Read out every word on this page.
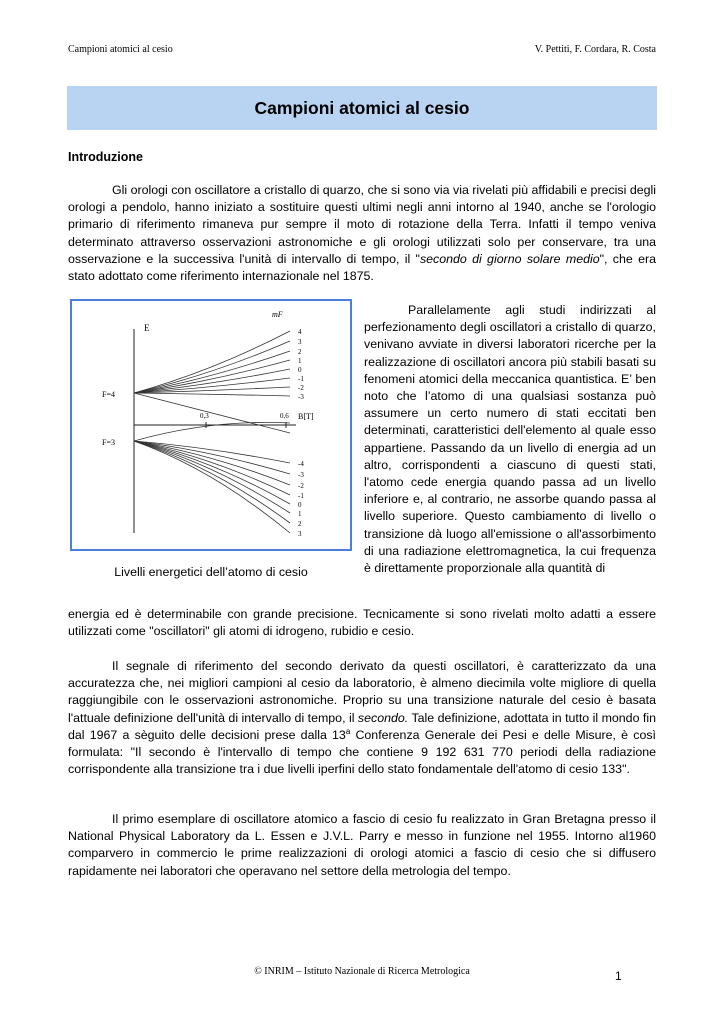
Campioni atomici al cesio	V. Pettiti, F. Cordara, R. Costa
Campioni atomici al cesio
Introduzione
Gli orologi con oscillatore a cristallo di quarzo, che si sono via via rivelati più affidabili e precisi degli orologi a pendolo, hanno iniziato a sostituire questi ultimi negli anni intorno al 1940, anche se l'orologio primario di riferimento rimaneva pur sempre il moto di rotazione della Terra. Infatti il tempo veniva determinato attraverso osservazioni astronomiche e gli orologi utilizzati solo per conservare, tra una osservazione e la successiva l'unità di intervallo di tempo, il "secondo di giorno solare medio", che era stato adottato come riferimento internazionale nel 1875.
E
B[T]
0,3	0,6
mF
F=4
F=3
4
3
2
1
0
-1
-2
-3
-4
-3
-2
-1
0
1
2
3
Livelli energetici dell’atomo di cesio
Parallelamente agli studi indirizzati al perfezionamento degli oscillatori a cristallo di quarzo, venivano avviate in diversi laboratori ricerche per la realizzazione di oscillatori ancora più stabili basati su fenomeni atomici della meccanica quantistica. E’ ben noto che l’atomo di una qualsiasi sostanza può assumere un certo numero di stati eccitati ben determinati, caratteristici dell'elemento al quale esso appartiene. Passando da un livello di energia ad un altro, corrispondenti a ciascuno di questi stati, l'atomo cede energia quando passa ad un livello inferiore e, al contrario, ne assorbe quando passa al livello superiore. Questo cambiamento di livello o transizione dà luogo all'emissione o all'assorbimento di una radiazione elettromagnetica, la cui frequenza è direttamente proporzionale alla quantità di
energia ed è determinabile con grande precisione. Tecnicamente si sono rivelati molto adatti a essere utilizzati come "oscillatori" gli atomi di idrogeno, rubidio e cesio.
Il segnale di riferimento del secondo derivato da questi oscillatori, è caratterizzato da una accuratezza che, nei migliori campioni al cesio da laboratorio, è almeno diecimila volte migliore di quella raggiungibile con le osservazioni astronomiche. Proprio su una transizione naturale del cesio è basata l'attuale definizione dell'unità di intervallo di tempo, il secondo. Tale definizione, adottata in tutto il mondo fin dal 1967 a sèguito delle decisioni prese dalla 13$^a$ Conferenza Generale dei Pesi e delle Misure, è così formulata: "Il secondo è l'intervallo di tempo che contiene 9 192 631 770 periodi della radiazione corrispondente alla transizione tra i due livelli iperfini dello stato fondamentale dell'atomo di cesio 133".
Il primo esemplare di oscillatore atomico a fascio di cesio fu realizzato in Gran Bretagna presso il National Physical Laboratory da L. Essen e J.V.L. Parry e messo in funzione nel 1955. Intorno al1960 comparvero in commercio le prime realizzazioni di orologi atomici a fascio di cesio che si diffusero rapidamente nei laboratori che operavano nel settore della metrologia del tempo.
© INRIM – Istituto Nazionale di Ricerca Metrologica	1
